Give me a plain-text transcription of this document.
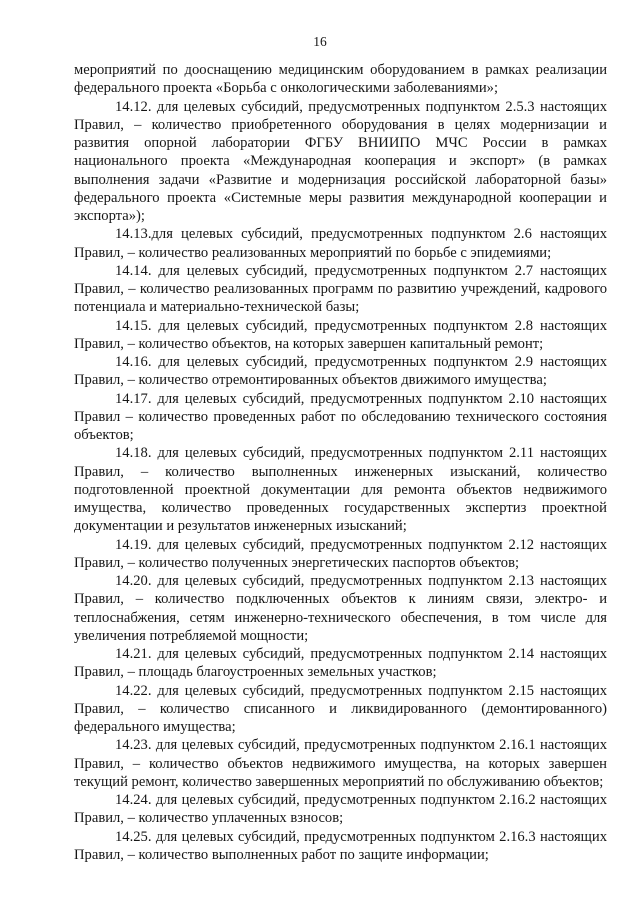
16

мероприятий по дооснащению медицинским оборудованием в рамках реализации федерального проекта «Борьба с онкологическими заболеваниями»;

14.12. для целевых субсидий, предусмотренных подпунктом 2.5.3 настоящих Правил, – количество приобретенного оборудования в целях модернизации и развития опорной лаборатории ФГБУ ВНИИПО МЧС России в рамках национального проекта «Международная кооперация и экспорт» (в рамках выполнения задачи «Развитие и модернизация российской лабораторной базы» федерального проекта «Системные меры развития международной кооперации и экспорта»);

14.13.для целевых субсидий, предусмотренных подпунктом 2.6 настоящих Правил, – количество реализованных мероприятий по борьбе с эпидемиями;

14.14. для целевых субсидий, предусмотренных подпунктом 2.7 настоящих Правил, – количество реализованных программ по развитию учреждений, кадрового потенциала и материально-технической базы;

14.15. для целевых субсидий, предусмотренных подпунктом 2.8 настоящих Правил, – количество объектов, на которых завершен капитальный ремонт;

14.16. для целевых субсидий, предусмотренных подпунктом 2.9 настоящих Правил, – количество отремонтированных объектов движимого имущества;

14.17. для целевых субсидий, предусмотренных подпунктом 2.10 настоящих Правил – количество проведенных работ по обследованию технического состояния объектов;

14.18. для целевых субсидий, предусмотренных подпунктом 2.11 настоящих Правил, – количество выполненных инженерных изысканий, количество подготовленной проектной документации для ремонта объектов недвижимого имущества, количество проведенных государственных экспертиз проектной документации и результатов инженерных изысканий;

14.19. для целевых субсидий, предусмотренных подпунктом 2.12 настоящих Правил, – количество полученных энергетических паспортов объектов;

14.20. для целевых субсидий, предусмотренных подпунктом 2.13 настоящих Правил, – количество подключенных объектов к линиям связи, электро- и теплоснабжения, сетям инженерно-технического обеспечения, в том числе для увеличения потребляемой мощности;

14.21. для целевых субсидий, предусмотренных подпунктом 2.14 настоящих Правил, – площадь благоустроенных земельных участков;

14.22. для целевых субсидий, предусмотренных подпунктом 2.15 настоящих Правил, – количество списанного и ликвидированного (демонтированного) федерального имущества;

14.23. для целевых субсидий, предусмотренных подпунктом 2.16.1 настоящих Правил, – количество объектов недвижимого имущества, на которых завершен текущий ремонт, количество завершенных мероприятий по обслуживанию объектов;

14.24. для целевых субсидий, предусмотренных подпунктом 2.16.2 настоящих Правил, – количество уплаченных взносов;

14.25. для целевых субсидий, предусмотренных подпунктом 2.16.3 настоящих Правил, – количество выполненных работ по защите информации;
